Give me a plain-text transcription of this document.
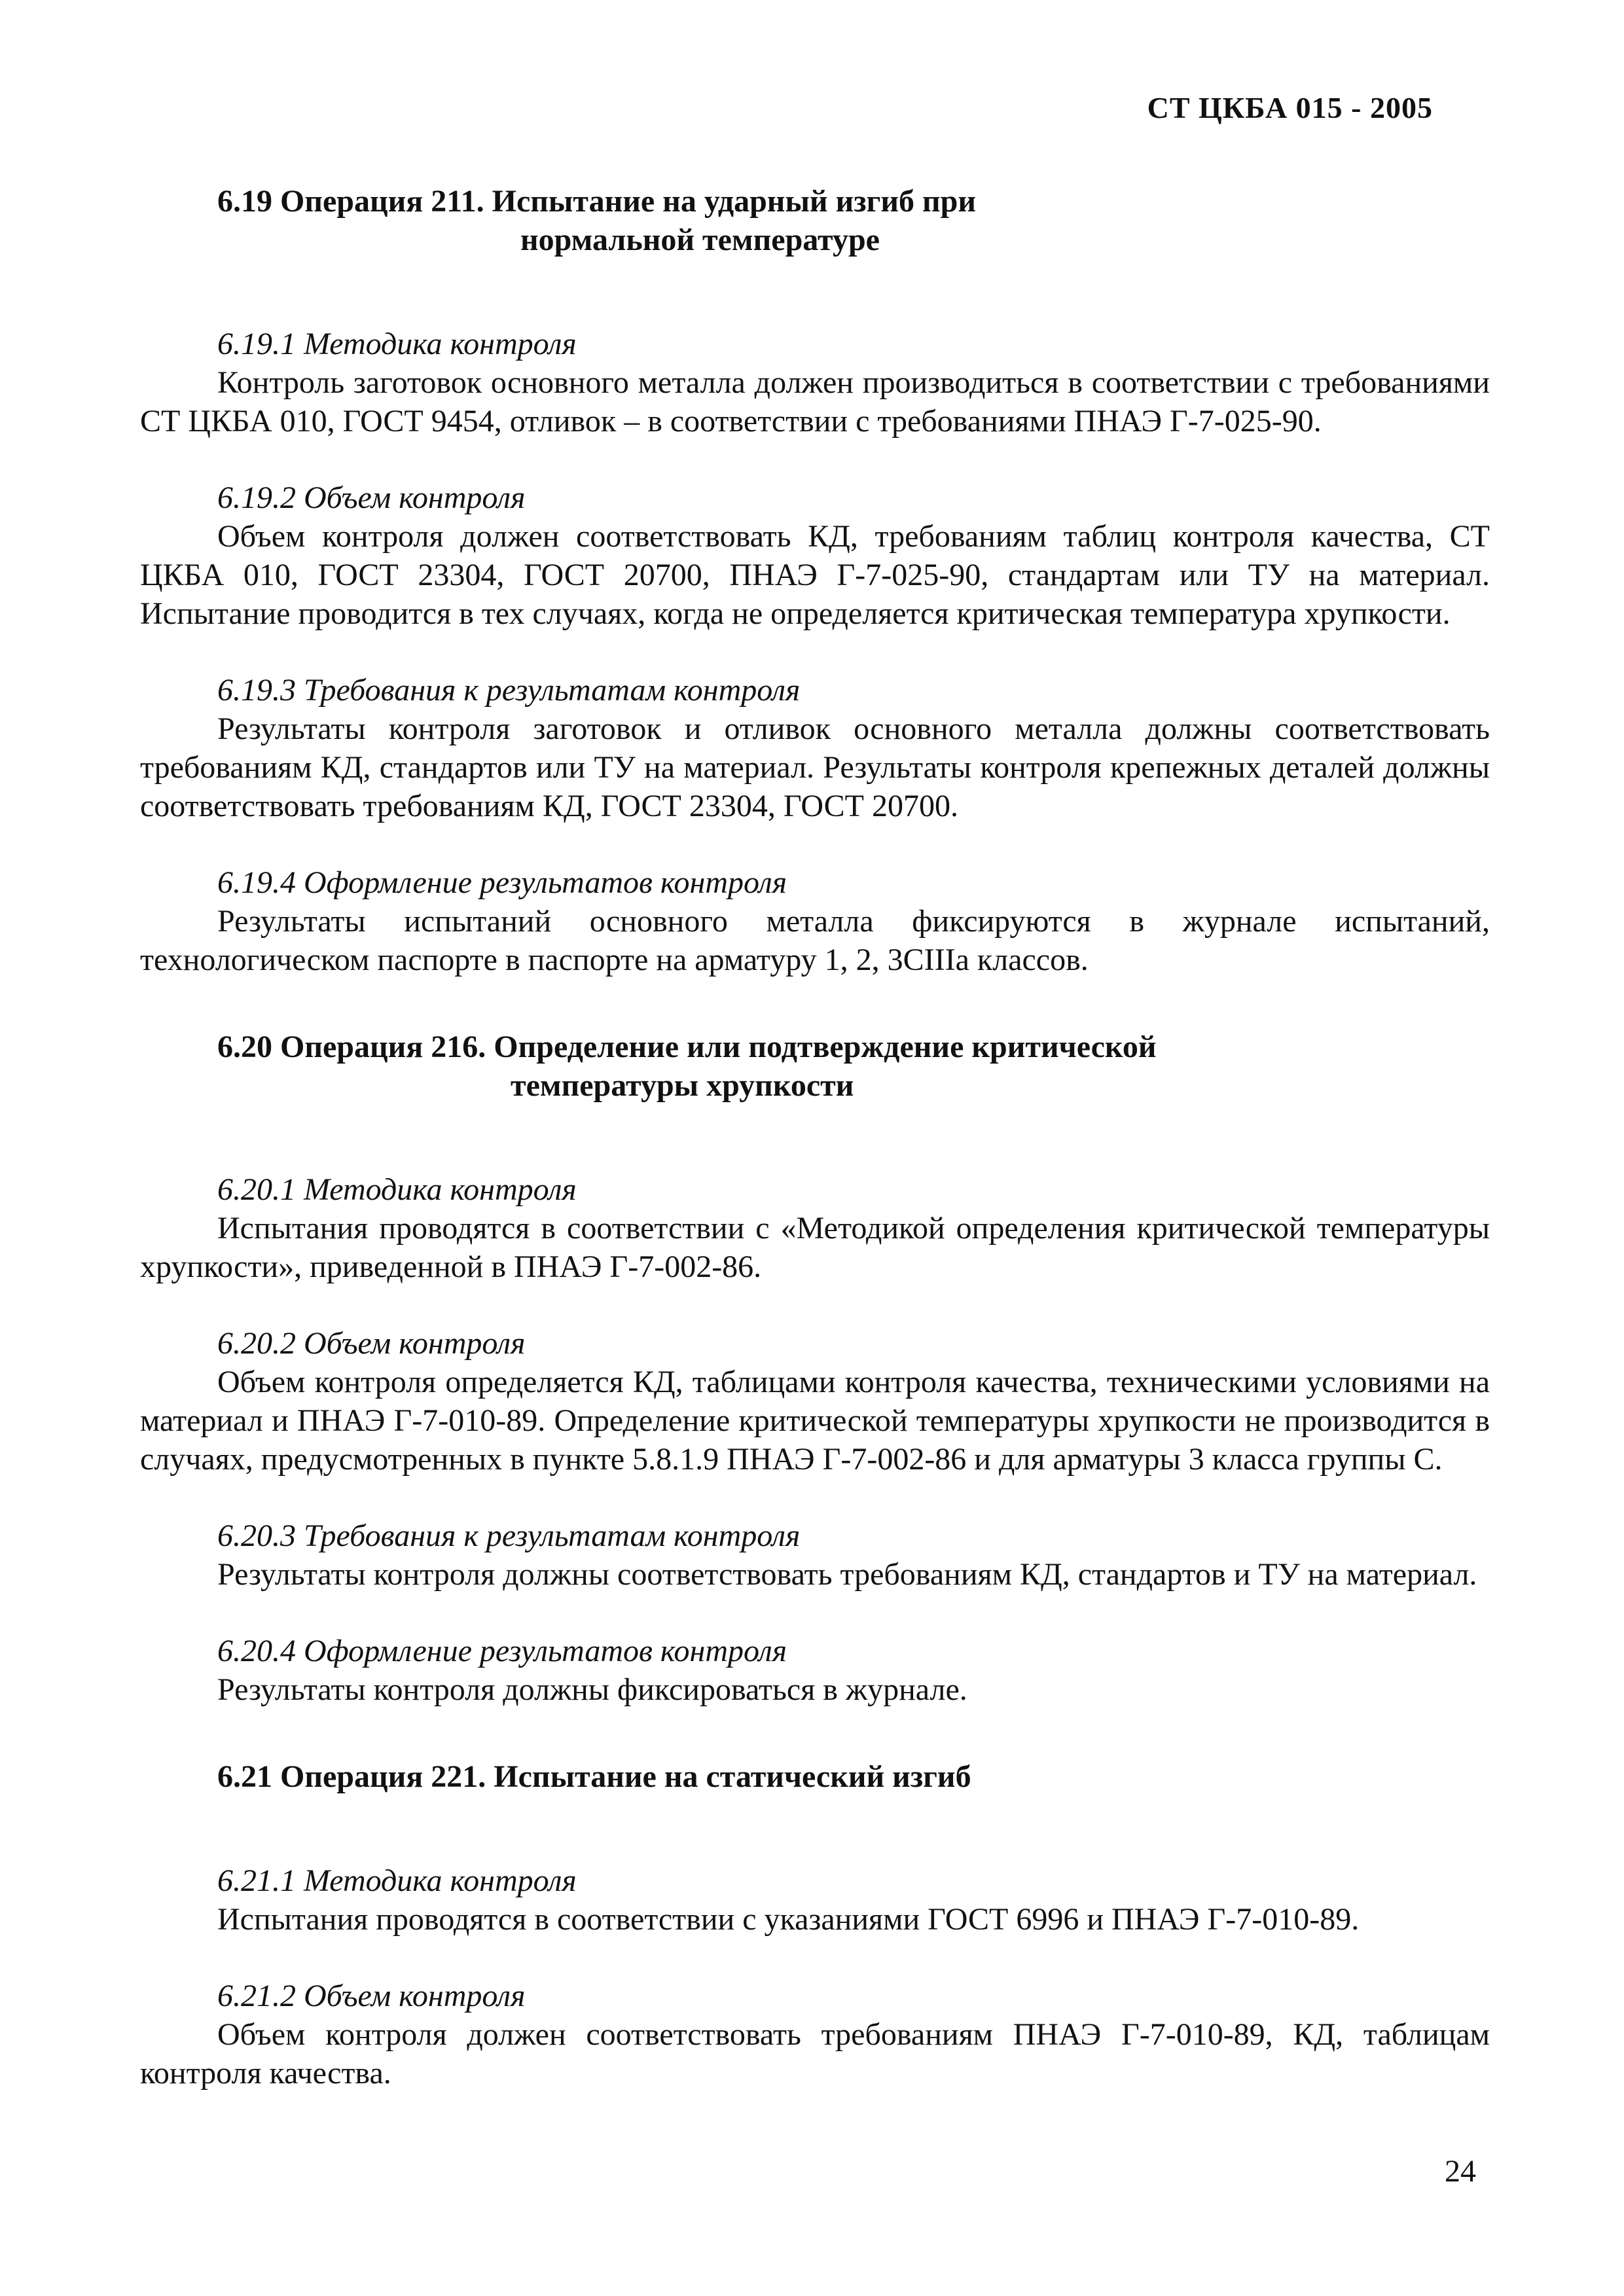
СТ ЦКБА 015 - 2005
6.19 Операция 211. Испытание на ударный изгиб при
нормальной температуре

6.19.1 Методика контроля

Контроль заготовок основного металла должен производиться в соответствии с требованиями СТ ЦКБА 010, ГОСТ 9454, отливок – в соответствии с требованиями ПНАЭ Г-7-025-90.

6.19.2 Объем контроля

Объем контроля должен соответствовать КД, требованиям таблиц контроля качества, СТ ЦКБА 010, ГОСТ 23304, ГОСТ 20700, ПНАЭ Г-7-025-90, стандартам или ТУ на материал. Испытание проводится в тех случаях, когда не определяется критическая температура хрупкости.

6.19.3 Требования к результатам контроля

Результаты контроля заготовок и отливок основного металла должны соответствовать требованиям КД, стандартов или ТУ на материал. Результаты контроля крепежных деталей должны соответствовать требованиям КД, ГОСТ 23304, ГОСТ 20700.

6.19.4 Оформление результатов контроля

Результаты испытаний основного металла фиксируются в журнале испытаний, технологическом паспорте в паспорте на арматуру 1, 2, 3СIIIа классов.

6.20 Операция 216. Определение или подтверждение критической
температуры хрупкости

6.20.1 Методика контроля

Испытания проводятся в соответствии с «Методикой определения критической температуры хрупкости», приведенной в ПНАЭ Г-7-002-86.

6.20.2 Объем контроля

Объем контроля определяется КД, таблицами контроля качества, техническими условиями на материал и ПНАЭ Г-7-010-89. Определение критической температуры хрупкости не производится в случаях, предусмотренных в пункте 5.8.1.9 ПНАЭ Г-7-002-86 и для арматуры 3 класса группы С.

6.20.3 Требования к результатам контроля

Результаты контроля должны соответствовать требованиям КД, стандартов и ТУ на материал.

6.20.4 Оформление результатов контроля

Результаты контроля должны фиксироваться в журнале.

6.21 Операция 221. Испытание на статический изгиб

6.21.1 Методика контроля

Испытания проводятся в соответствии с указаниями ГОСТ 6996 и ПНАЭ Г-7-010-89.

6.21.2 Объем контроля

Объем контроля должен соответствовать требованиям ПНАЭ Г-7-010-89, КД, таблицам контроля качества.

24
